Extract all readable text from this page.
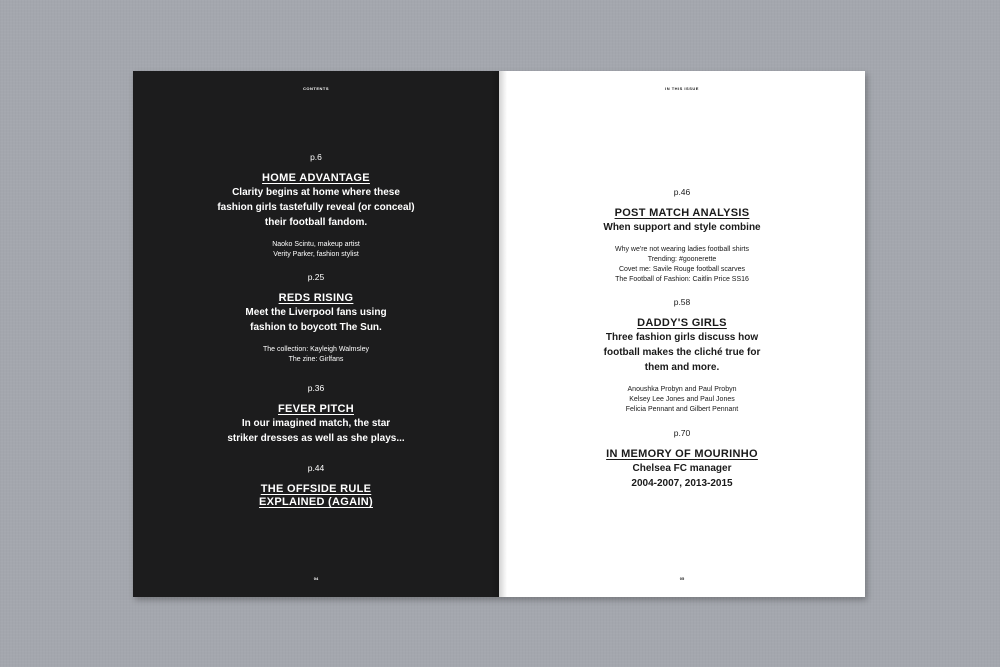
CONTENTS
p.6
HOME ADVANTAGE
Clarity begins at home where these
fashion girls tastefully reveal (or conceal)
their football fandom.
Naoko Scintu, makeup artist
Verity Parker, fashion stylist
p.25
REDS RISING
Meet the Liverpool fans using
fashion to boycott The Sun.
The collection: Kayleigh Walmsley
The zine: Girlfans
p.36
FEVER PITCH
In our imagined match, the star
striker dresses as well as she plays...
p.44
THE OFFSIDE RULE
EXPLAINED (AGAIN)
04
IN THIS ISSUE
p.46
POST MATCH ANALYSIS
When support and style combine
Why we're not wearing ladies football shirts
Trending: #goonerette
Covet me: Savile Rouge football scarves
The Football of Fashion: Caitlin Price SS16
p.58
DADDY'S GIRLS
Three fashion girls discuss how
football makes the cliché true for
them and more.
Anoushka Probyn and Paul Probyn
Kelsey Lee Jones and Paul Jones
Felicia Pennant and Gilbert Pennant
p.70
IN MEMORY OF MOURINHO
Chelsea FC manager
2004-2007, 2013-2015
05
